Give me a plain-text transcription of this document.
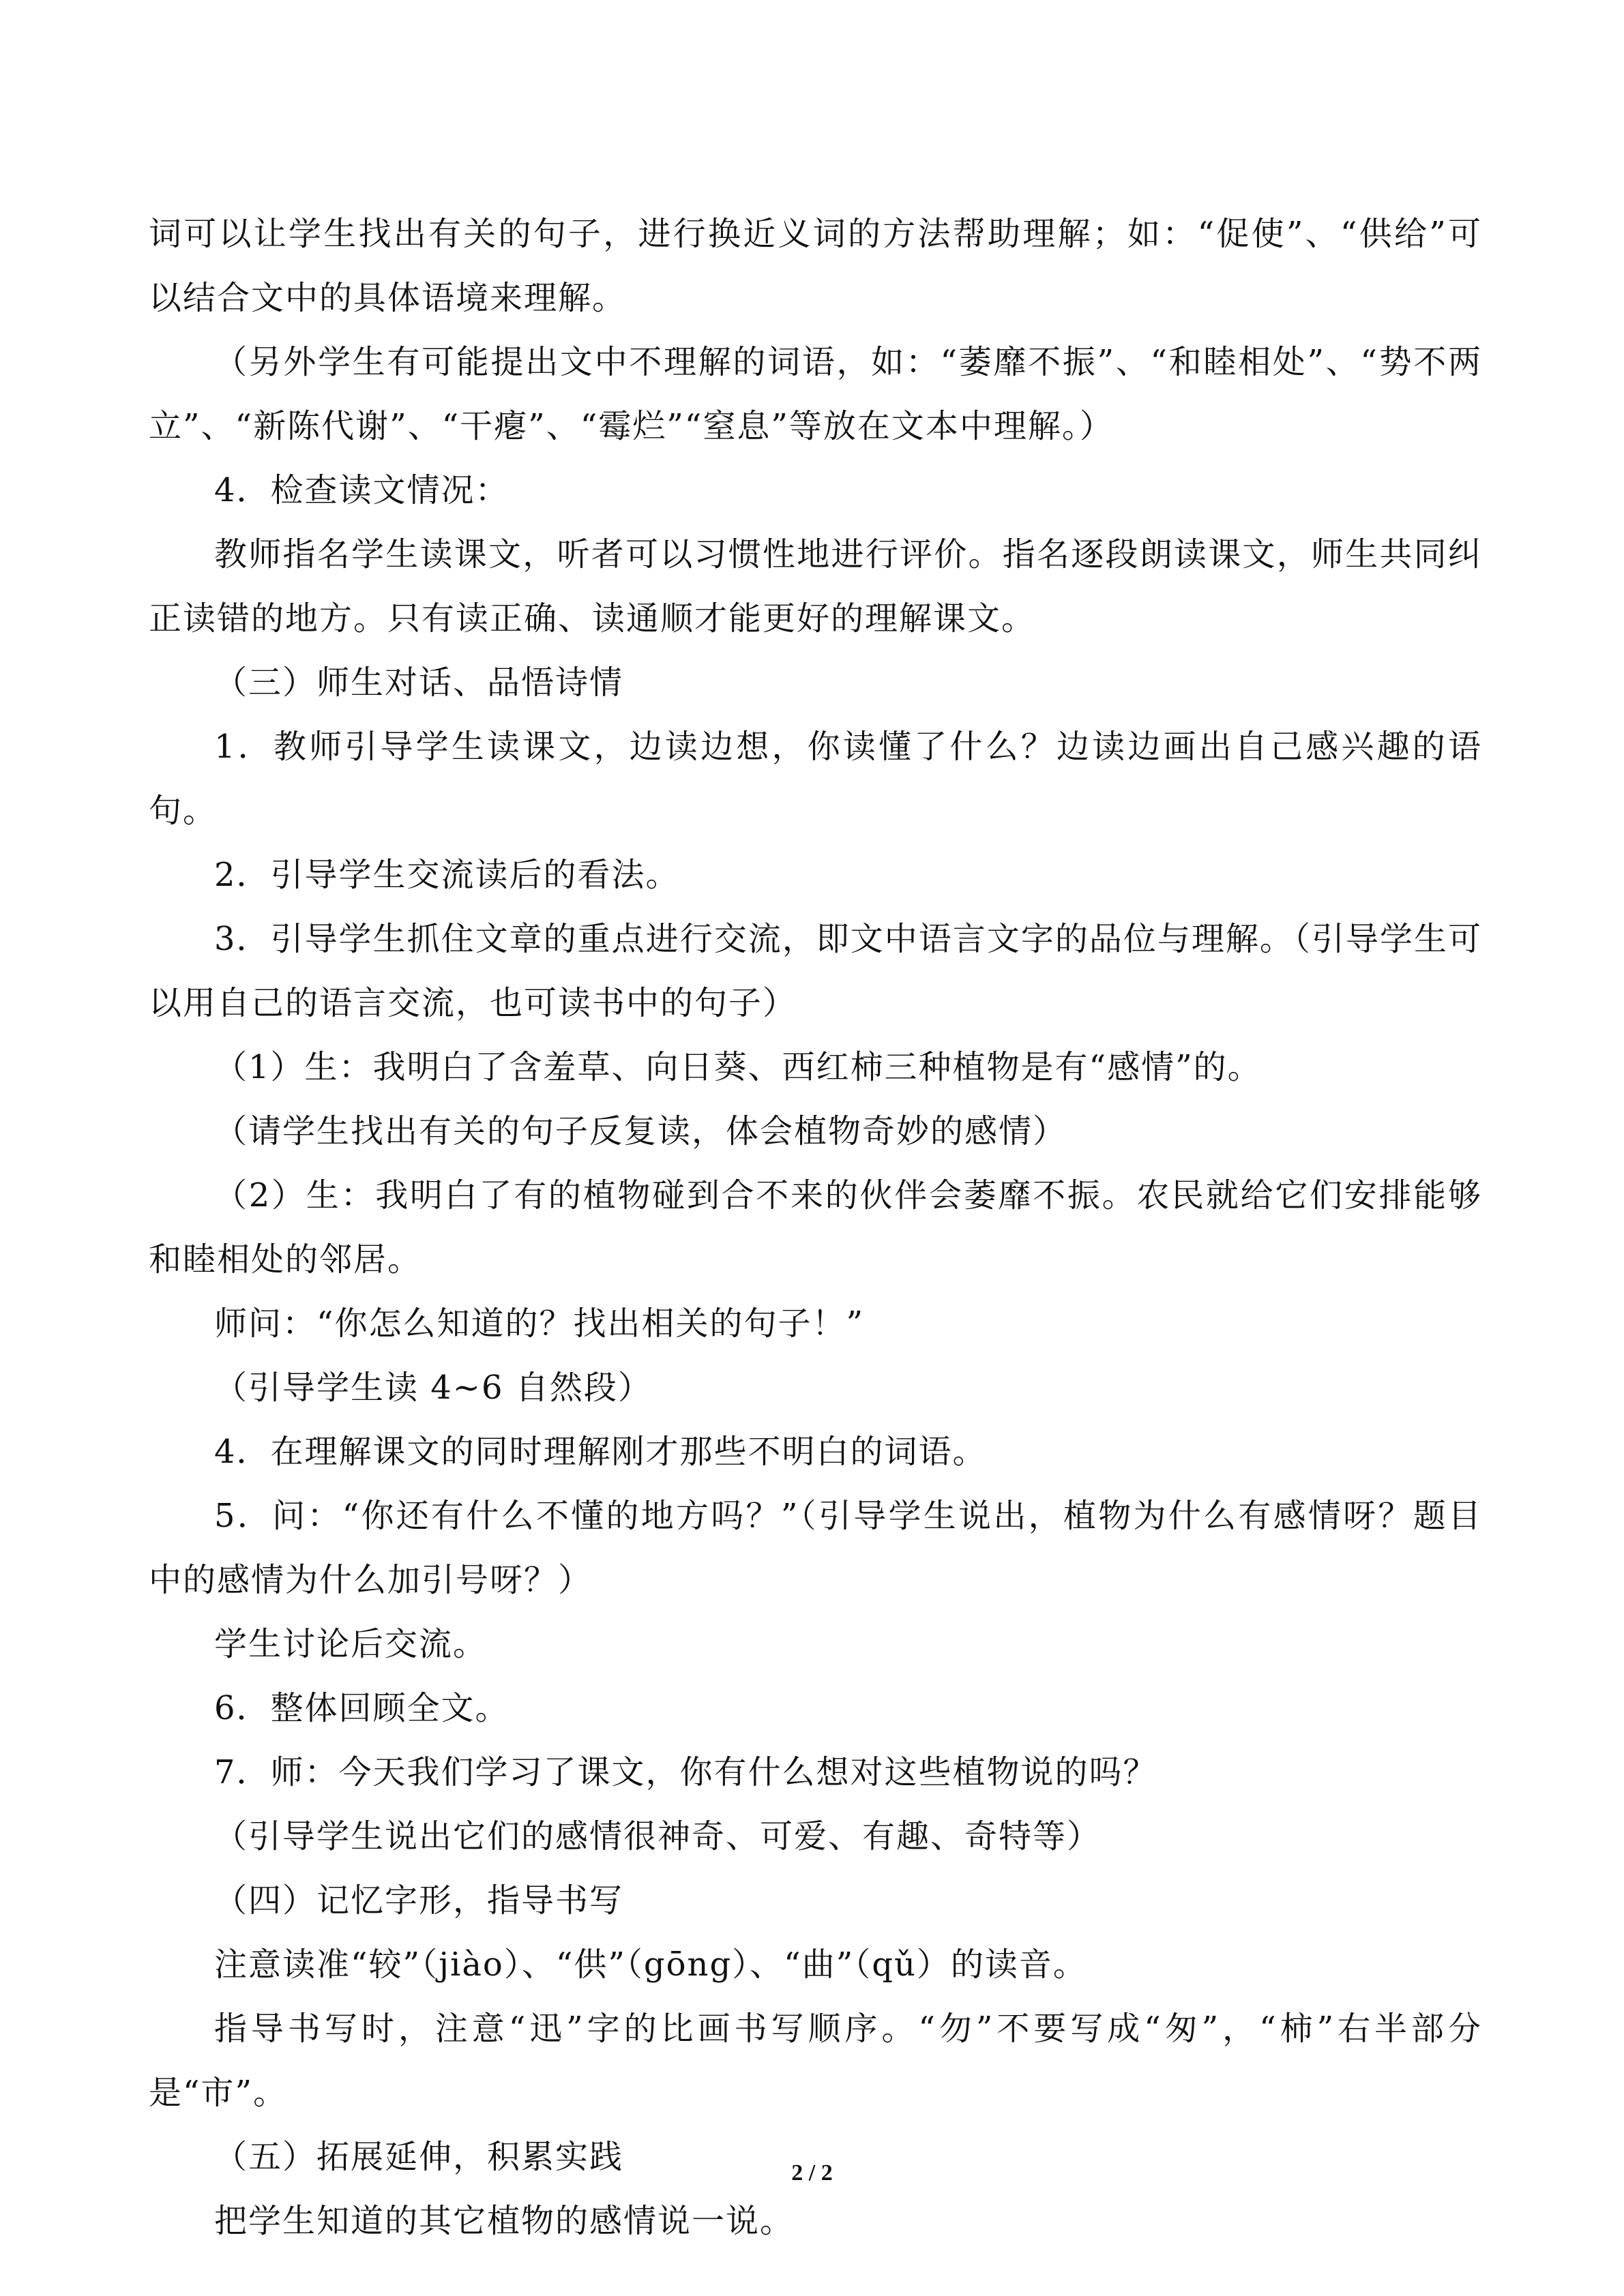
词可以让学生找出有关的句子，进行换近义词的方法帮助理解；如：“促使”、“供给”可以结合文中的具体语境来理解。

（另外学生有可能提出文中不理解的词语，如：“萎靡不振”、“和睦相处”、“势不两立”、“新陈代谢”、“干瘪”、“霉烂”“窒息”等放在文本中理解。）

4．检查读文情况：

教师指名学生读课文，听者可以习惯性地进行评价。指名逐段朗读课文，师生共同纠正读错的地方。只有读正确、读通顺才能更好的理解课文。

（三）师生对话、品悟诗情

1．教师引导学生读课文，边读边想，你读懂了什么？边读边画出自己感兴趣的语句。

2．引导学生交流读后的看法。

3．引导学生抓住文章的重点进行交流，即文中语言文字的品位与理解。（引导学生可以用自己的语言交流，也可读书中的句子）

（1）生：我明白了含羞草、向日葵、西红柿三种植物是有“感情”的。

（请学生找出有关的句子反复读，体会植物奇妙的感情）

（2）生：我明白了有的植物碰到合不来的伙伴会萎靡不振。农民就给它们安排能够和睦相处的邻居。

师问：“你怎么知道的？找出相关的句子！”

（引导学生读 4~6 自然段）

4．在理解课文的同时理解刚才那些不明白的词语。

5．问：“你还有什么不懂的地方吗？”（引导学生说出，植物为什么有感情呀？题目中的感情为什么加引号呀？）

学生讨论后交流。

6．整体回顾全文。

7．师：今天我们学习了课文，你有什么想对这些植物说的吗？

（引导学生说出它们的感情很神奇、可爱、有趣、奇特等）

（四）记忆字形，指导书写

注意读准“较”（jiào）、“供”（gōng）、“曲”（qǔ）的读音。

指导书写时，注意“迅”字的比画书写顺序。“勿”不要写成“匆”，“柿”右半部分是“市”。

（五）拓展延伸，积累实践

把学生知道的其它植物的感情说一说。

2 / 2
